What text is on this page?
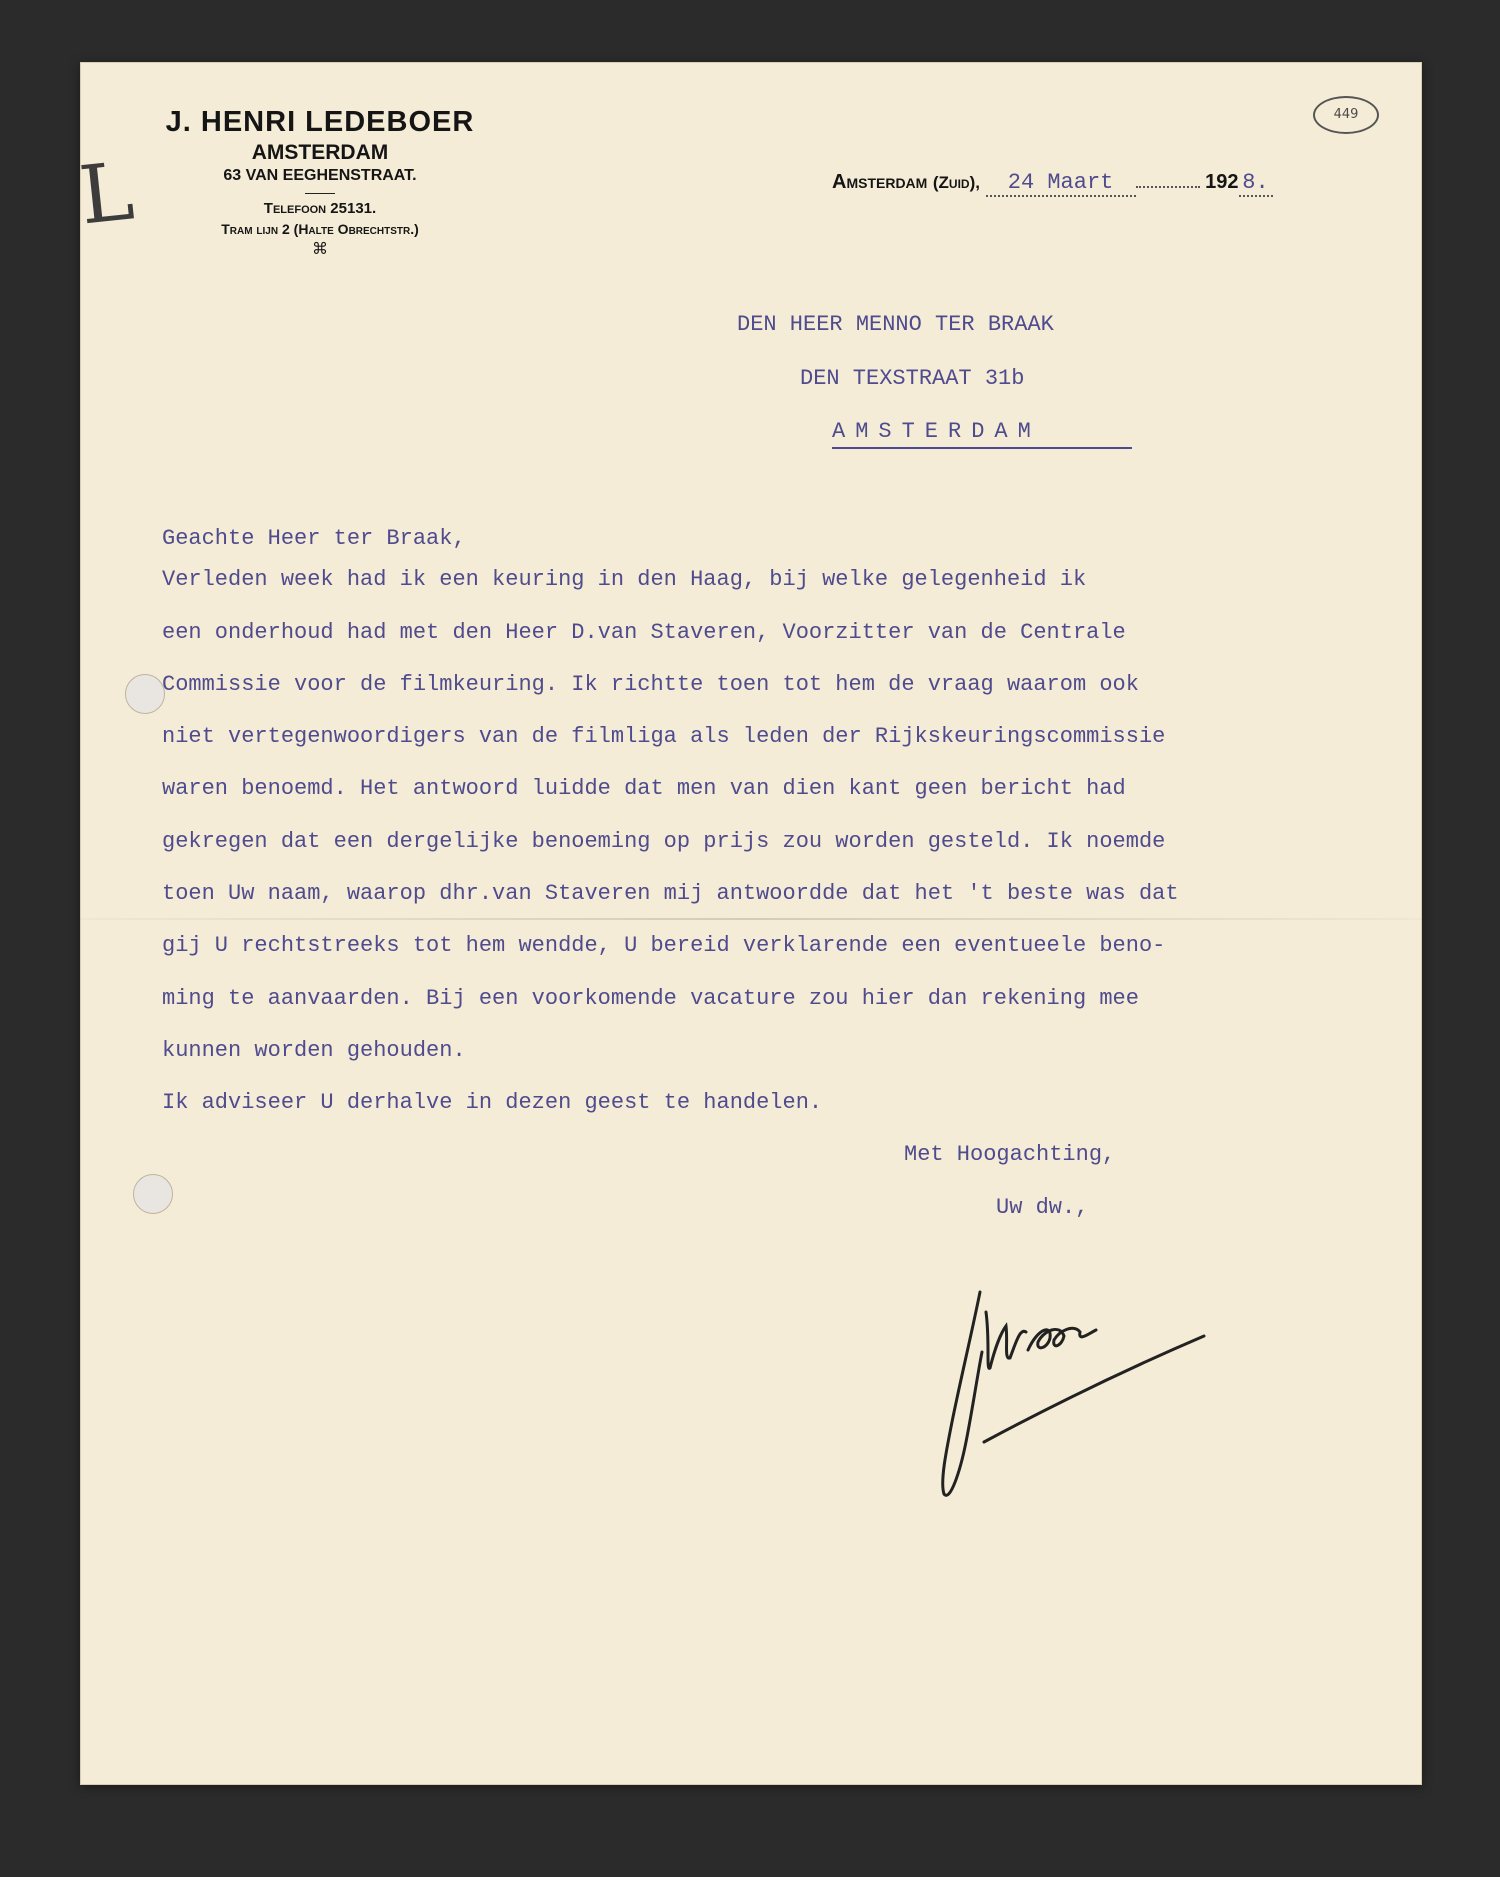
L
449
J. HENRI LEDEBOER
AMSTERDAM
63 VAN EEGHENSTRAAT.
Telefoon 25131.
Tram lijn 2 (Halte Obrechtstr.)
⌘
Amsterdam (Zuid), 24 Maart	192 8.
DEN HEER MENNO TER BRAAK
DEN TEXSTRAAT 31b
AMSTERDAM
Geachte Heer ter Braak,
Verleden week had ik een keuring in den Haag, bij welke gelegenheid ik
een onderhoud had met den Heer D.van Staveren, Voorzitter van de Centrale
Commissie voor de filmkeuring. Ik richtte toen tot hem de vraag waarom ook
niet vertegenwoordigers van de filmliga als leden der Rijkskeuringscommissie
waren benoemd. Het antwoord luidde dat men van dien kant geen bericht had
gekregen dat een dergelijke benoeming op prijs zou worden gesteld. Ik noemde
toen Uw naam, waarop dhr.van Staveren mij antwoordde dat het 't beste was dat
gij U rechtstreeks tot hem wendde, U bereid verklarende een eventueele beno-
ming te aanvaarden. Bij een voorkomende vacature zou hier dan rekening mee
kunnen worden gehouden.
Ik adviseer U derhalve in dezen geest te handelen.
Met Hoogachting,
Uw dw.,
